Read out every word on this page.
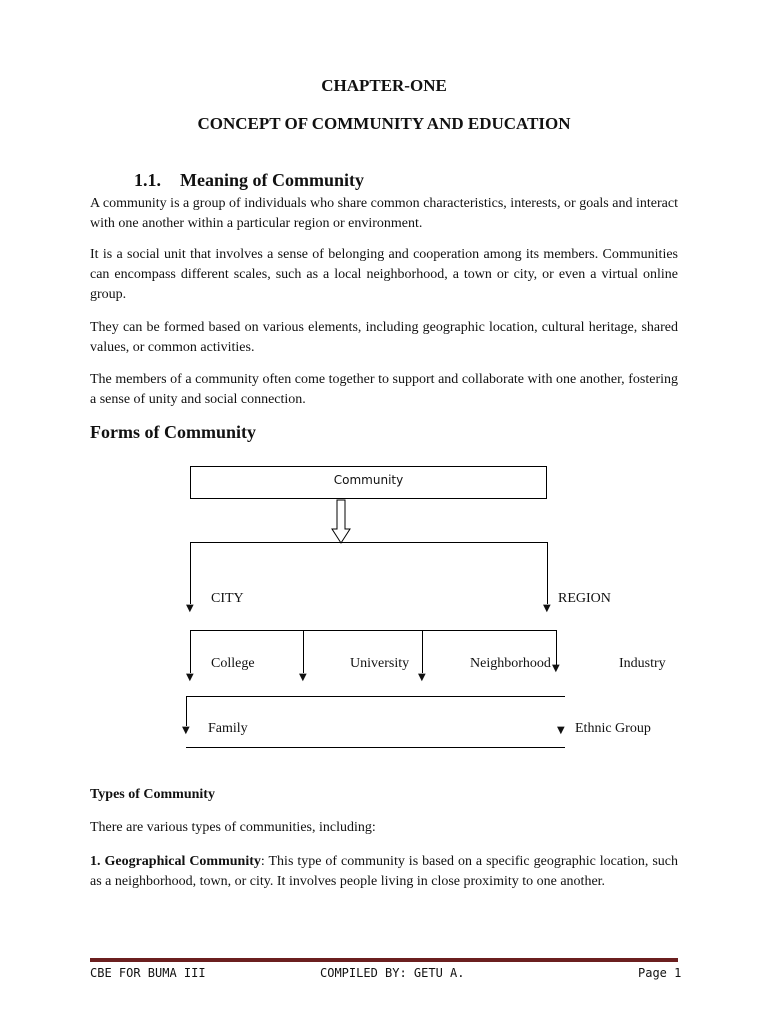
CHAPTER-ONE
CONCEPT OF COMMUNITY AND EDUCATION
1.1. Meaning of Community
A community is a group of individuals who share common characteristics, interests, or goals and interact with one another within a particular region or environment.
It is a social unit that involves a sense of belonging and cooperation among its members. Communities can encompass different scales, such as a local neighborhood, a town or city, or even a virtual online group.
They can be formed based on various elements, including geographic location, cultural heritage, shared values, or common activities.
The members of a community often come together to support and collaborate with one another, fostering a sense of unity and social connection.
Forms of Community
Community
▼	▼
CITY	REGION
▼	▼	▼
▼
College	University	Neighborhood	Industry
▼	▼
Family	Ethnic Group
Types of Community
There are various types of communities, including:
1. Geographical Community: This type of community is based on a specific geographic location, such as a neighborhood, town, or city. It involves people living in close proximity to one another.
CBE FOR BUMA III	COMPILED BY: GETU A.	Page 1
